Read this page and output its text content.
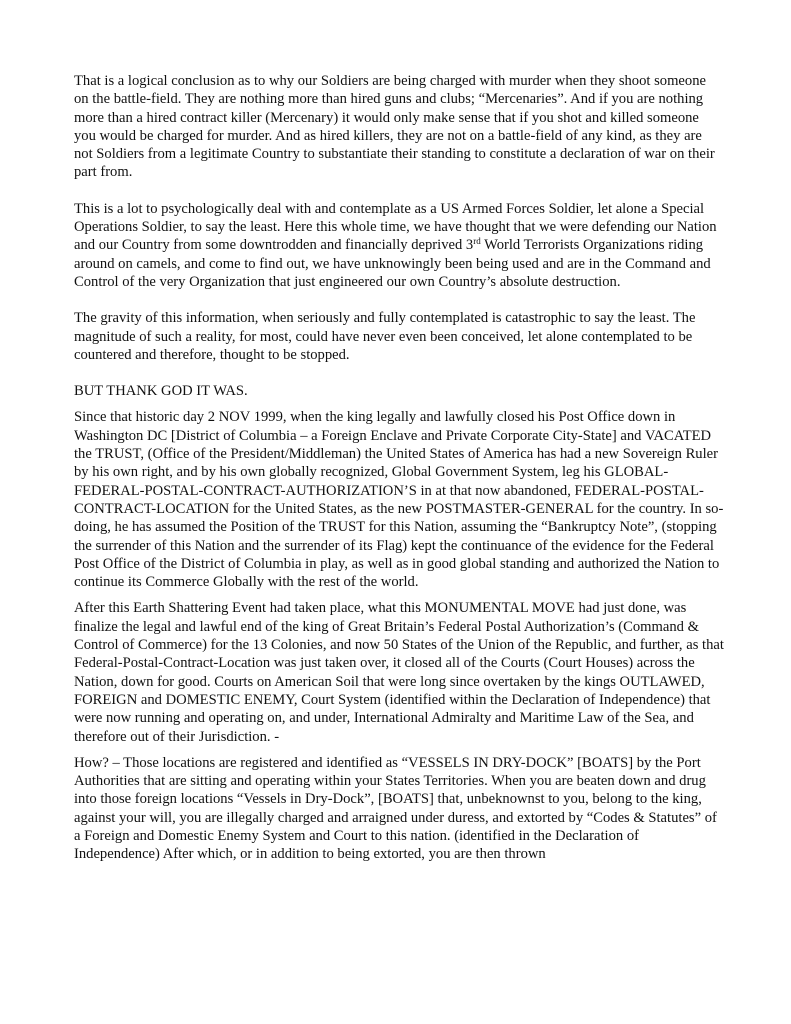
That is a logical conclusion as to why our Soldiers are being charged with murder when they shoot someone on the battle-field. They are nothing more than hired guns and clubs; “Mercenaries”. And if you are nothing more than a hired contract killer (Mercenary) it would only make sense that if you shot and killed someone you would be charged for murder. And as hired killers, they are not on a battle-field of any kind, as they are not Soldiers from a legitimate Country to substantiate their standing to constitute a declaration of war on their part from.

This is a lot to psychologically deal with and contemplate as a US Armed Forces Soldier, let alone a Special Operations Soldier, to say the least. Here this whole time, we have thought that we were defending our Nation and our Country from some downtrodden and financially deprived 3rd World Terrorists Organizations riding around on camels, and come to find out, we have unknowingly been being used and are in the Command and Control of the very Organization that just engineered our own Country’s absolute destruction.

The gravity of this information, when seriously and fully contemplated is catastrophic to say the least. The magnitude of such a reality, for most, could have never even been conceived, let alone contemplated to be countered and therefore, thought to be stopped.

BUT THANK GOD IT WAS.

Since that historic day 2 NOV 1999, when the king legally and lawfully closed his Post Office down in Washington DC [District of Columbia – a Foreign Enclave and Private Corporate City-State] and VACATED the TRUST, (Office of the President/Middleman) the United States of America has had a new Sovereign Ruler by his own right, and by his own globally recognized, Global Government System, leg his GLOBAL-FEDERAL-POSTAL-CONTRACT-AUTHORIZATION’S in at that now abandoned, FEDERAL-POSTAL-CONTRACT-LOCATION for the United States, as the new POSTMASTER-GENERAL for the country. In so-doing, he has assumed the Position of the TRUST for this Nation, assuming the “Bankruptcy Note”, (stopping the surrender of this Nation and the surrender of its Flag) kept the continuance of the evidence for the Federal Post Office of the District of Columbia in play, as well as in good global standing and authorized the Nation to continue its Commerce Globally with the rest of the world.

After this Earth Shattering Event had taken place, what this MONUMENTAL MOVE had just done, was finalize the legal and lawful end of the king of Great Britain’s Federal Postal Authorization’s (Command & Control of Commerce) for the 13 Colonies, and now 50 States of the Union of the Republic, and further, as that Federal-Postal-Contract-Location was just taken over, it closed all of the Courts (Court Houses) across the Nation, down for good. Courts on American Soil that were long since overtaken by the kings OUTLAWED, FOREIGN and DOMESTIC ENEMY, Court System (identified within the Declaration of Independence) that were now running and operating on, and under, International Admiralty and Maritime Law of the Sea, and therefore out of their Jurisdiction. -

How? – Those locations are registered and identified as “VESSELS IN DRY-DOCK” [BOATS] by the Port Authorities that are sitting and operating within your States Territories. When you are beaten down and drug into those foreign locations “Vessels in Dry-Dock”, [BOATS] that, unbeknownst to you, belong to the king, against your will, you are illegally charged and arraigned under duress, and extorted by “Codes & Statutes” of a Foreign and Domestic Enemy System and Court to this nation. (identified in the Declaration of Independence) After which, or in addition to being extorted, you are then thrown
